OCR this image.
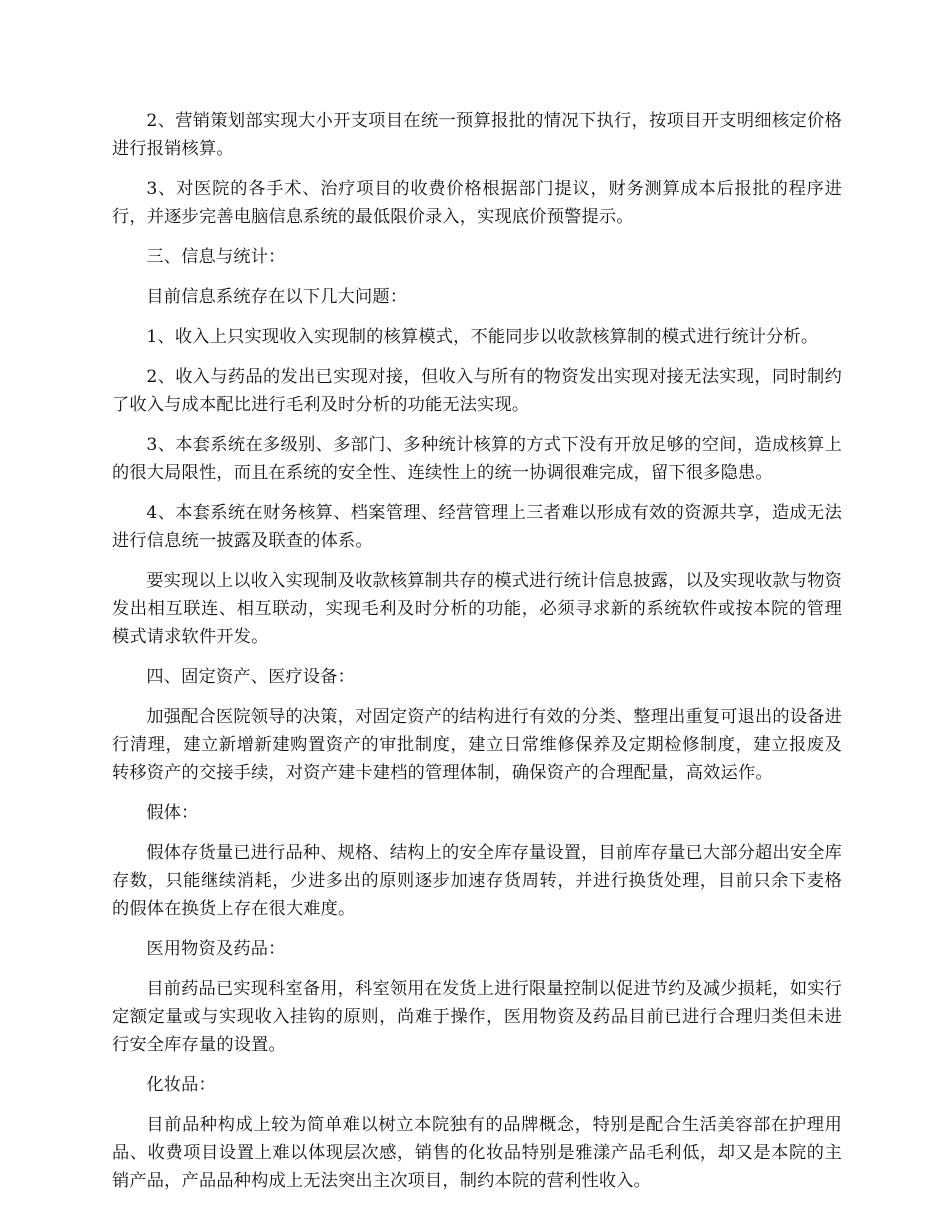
2、营销策划部实现大小开支项目在统一预算报批的情况下执行，按项目开支明细核定价格进行报销核算。

3、对医院的各手术、治疗项目的收费价格根据部门提议，财务测算成本后报批的程序进行，并逐步完善电脑信息系统的最低限价录入，实现底价预警提示。

三、信息与统计：

目前信息系统存在以下几大问题：

1、收入上只实现收入实现制的核算模式，不能同步以收款核算制的模式进行统计分析。

2、收入与药品的发出已实现对接，但收入与所有的物资发出实现对接无法实现，同时制约了收入与成本配比进行毛利及时分析的功能无法实现。

3、本套系统在多级别、多部门、多种统计核算的方式下没有开放足够的空间，造成核算上的很大局限性，而且在系统的安全性、连续性上的统一协调很难完成，留下很多隐患。

4、本套系统在财务核算、档案管理、经营管理上三者难以形成有效的资源共享，造成无法进行信息统一披露及联查的体系。

要实现以上以收入实现制及收款核算制共存的模式进行统计信息披露，以及实现收款与物资发出相互联连、相互联动，实现毛利及时分析的功能，必须寻求新的系统软件或按本院的管理模式请求软件开发。

四、固定资产、医疗设备：

加强配合医院领导的决策，对固定资产的结构进行有效的分类、整理出重复可退出的设备进行清理，建立新增新建购置资产的审批制度，建立日常维修保养及定期检修制度，建立报废及转移资产的交接手续，对资产建卡建档的管理体制，确保资产的合理配量，高效运作。

假体：

假体存货量已进行品种、规格、结构上的安全库存量设置，目前库存量已大部分超出安全库存数，只能继续消耗，少进多出的原则逐步加速存货周转，并进行换货处理，目前只余下麦格的假体在换货上存在很大难度。

医用物资及药品：

目前药品已实现科室备用，科室领用在发货上进行限量控制以促进节约及减少损耗，如实行定额定量或与实现收入挂钩的原则，尚难于操作，医用物资及药品目前已进行合理归类但未进行安全库存量的设置。

化妆品：

目前品种构成上较为简单难以树立本院独有的品牌概念，特别是配合生活美容部在护理用品、收费项目设置上难以体现层次感，销售的化妆品特别是雅漾产品毛利低，却又是本院的主销产品，产品品种构成上无法突出主次项目，制约本院的营利性收入。
